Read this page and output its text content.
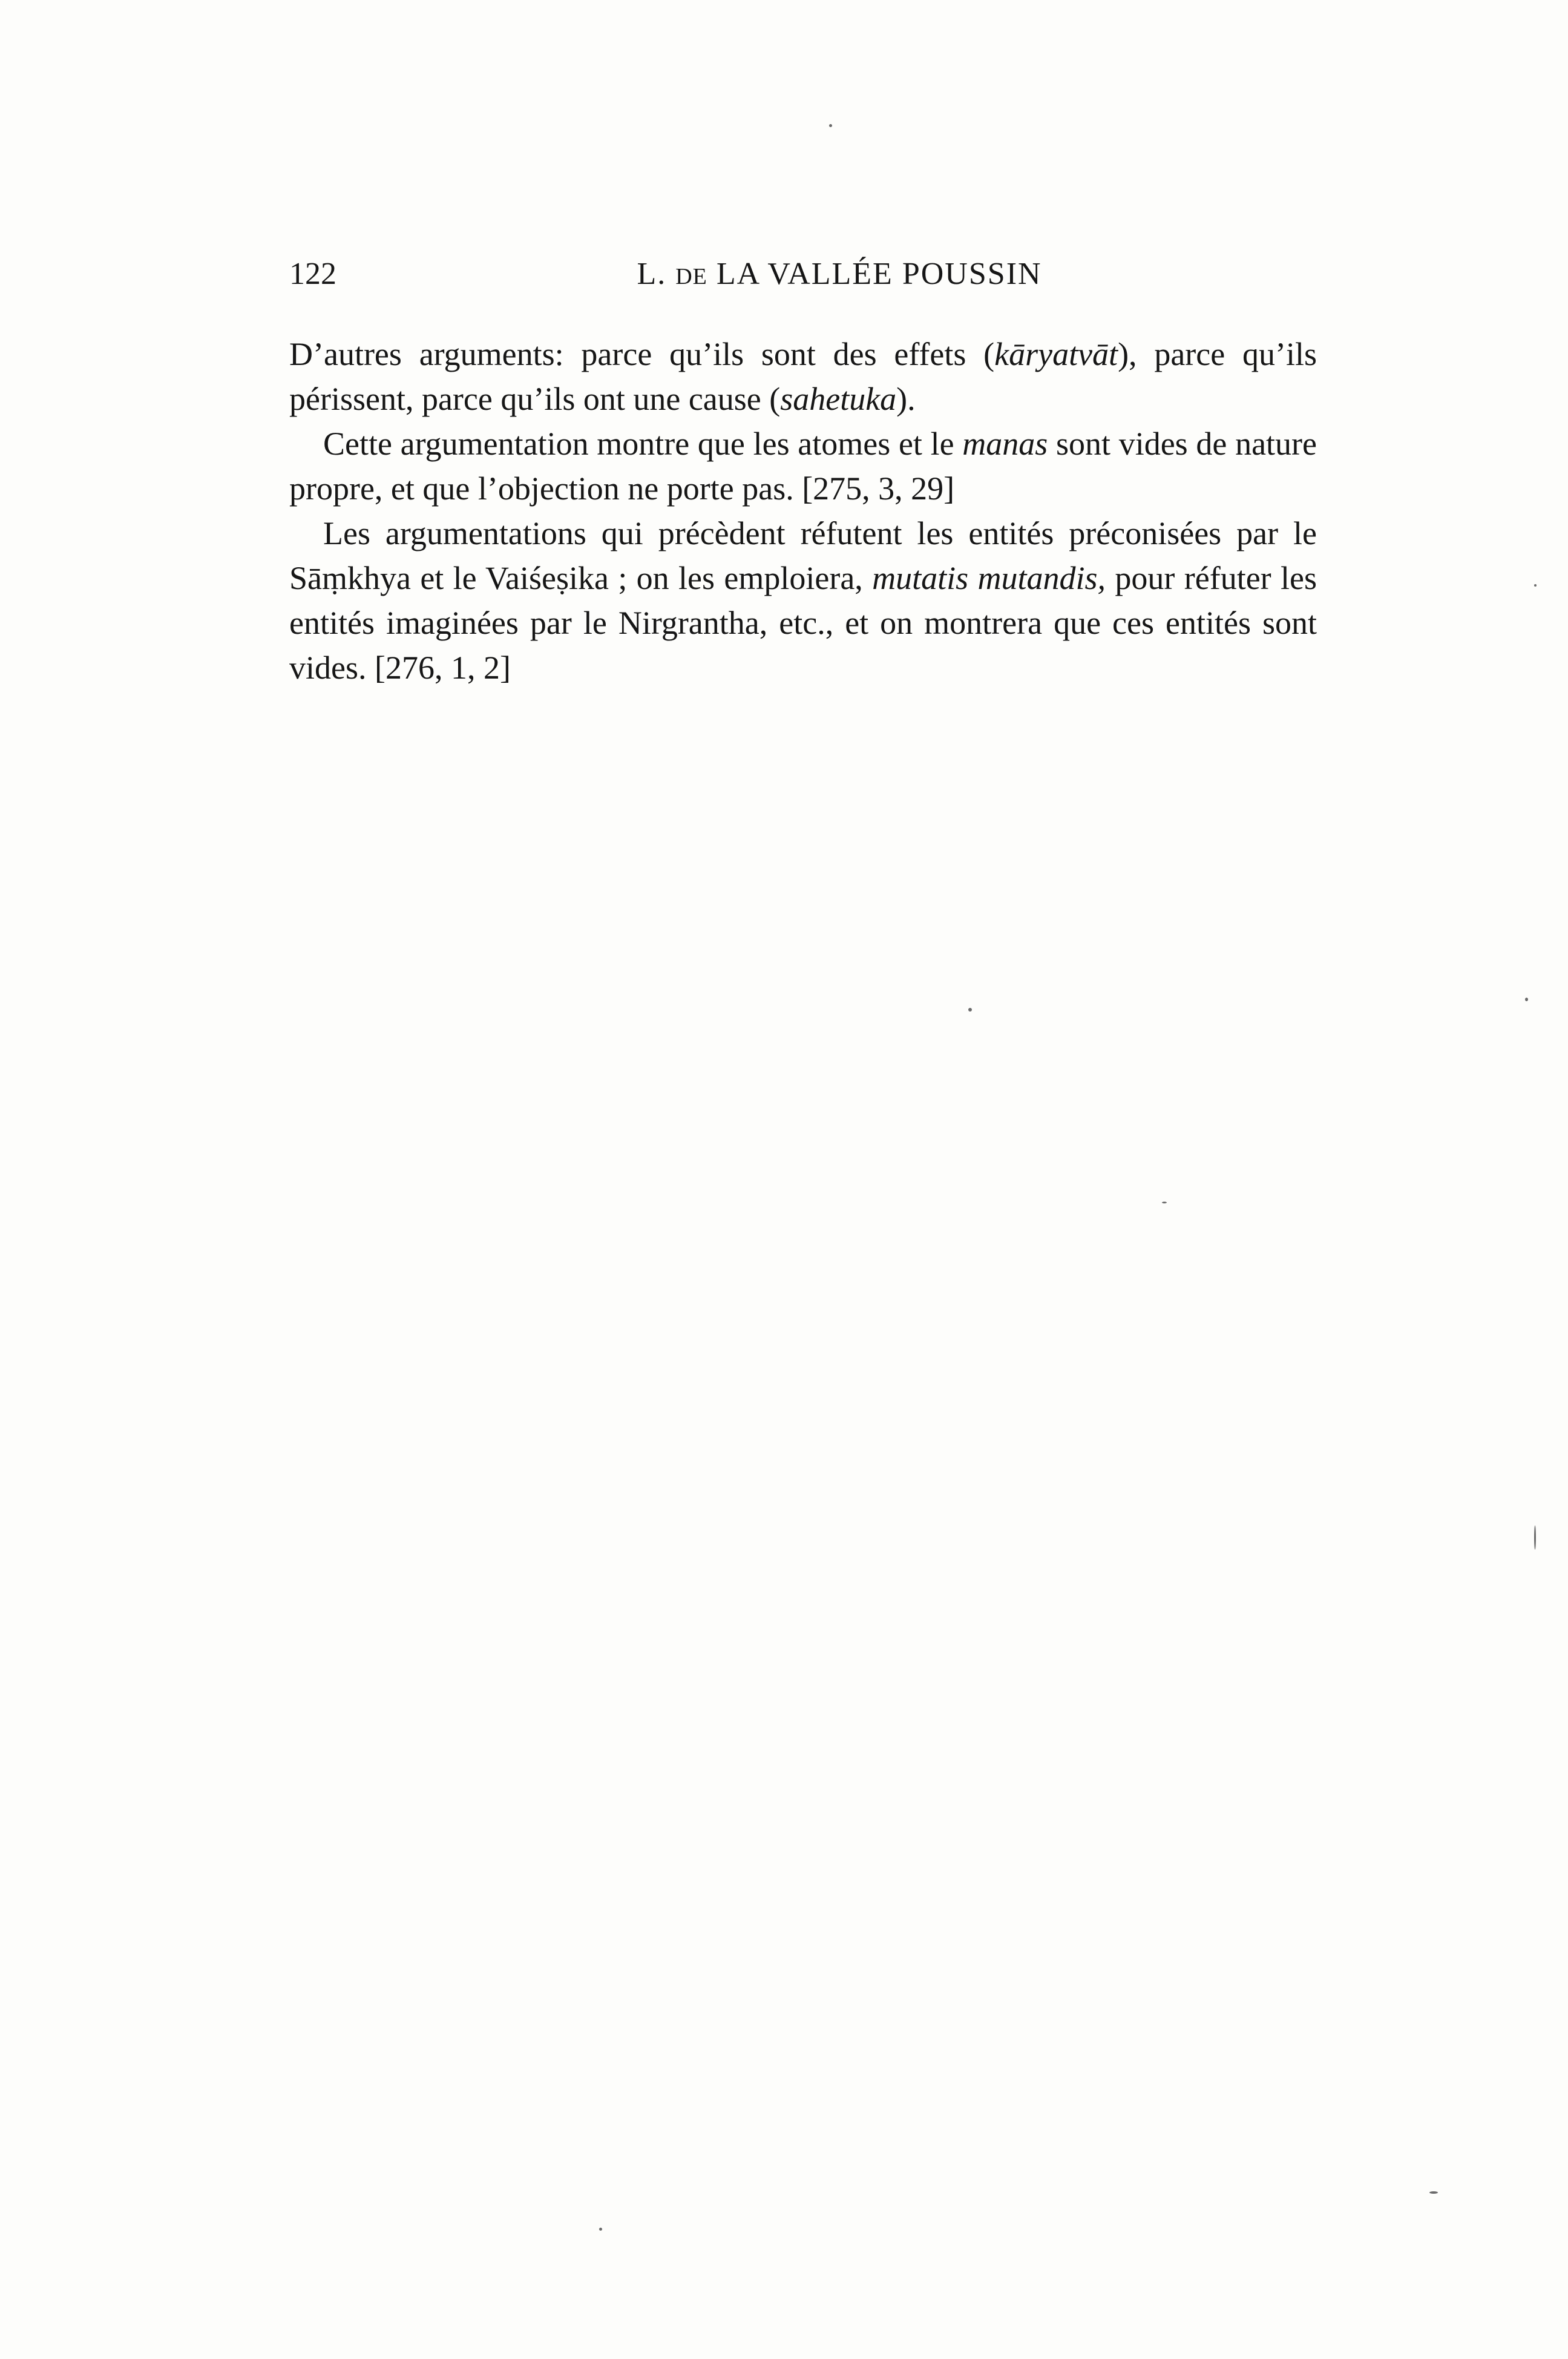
122	L. DE LA VALLÉE POUSSIN

D’autres arguments: parce qu’ils sont des effets (kāryatvāt), parce qu’ils périssent, parce qu’ils ont une cause (sahetuka).

Cette argumentation montre que les atomes et le manas sont vides de nature propre, et que l’objection ne porte pas. [275, 3, 29]

Les argumentations qui précèdent réfutent les entités préconisées par le Sāṃkhya et le Vaiśeṣika ; on les emploiera, mutatis mutandis, pour réfuter les entités imaginées par le Nirgrantha, etc., et on montrera que ces entités sont vides. [276, 1, 2]
